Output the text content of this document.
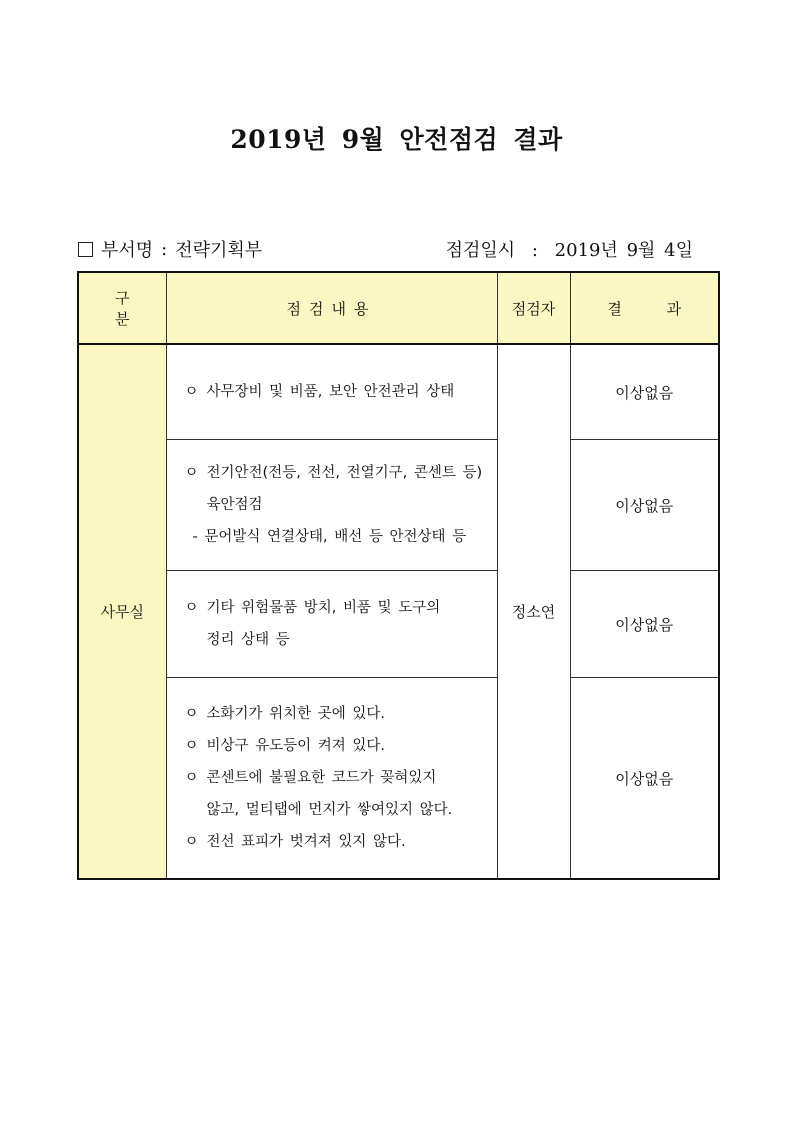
2019년 9월 안전점검 결과
부서명 : 전략기획부	점검일시 : 2019년 9월 4일
구 분	점검내용	점검자	결 과
사무실	ㅇ 사무장비 및 비품, 보안 안전관리 상태	정소연	이상없음

	ㅇ 전기안전(전등, 전선, 전열기구, 콘센트 등)
육안점검
- 문어발식 연결상태, 배선 등 안전상태 등		이상없음

	ㅇ 기타 위험물품 방치, 비품 및 도구의
정리 상태 등		이상없음

	ㅇ 소화기가 위치한 곳에 있다.
ㅇ 비상구 유도등이 켜져 있다.
ㅇ 콘센트에 불필요한 코드가 꽂혀있지
않고, 멀티탭에 먼지가 쌓여있지 않다.
ㅇ 전선 표피가 벗겨져 있지 않다.		이상없음
